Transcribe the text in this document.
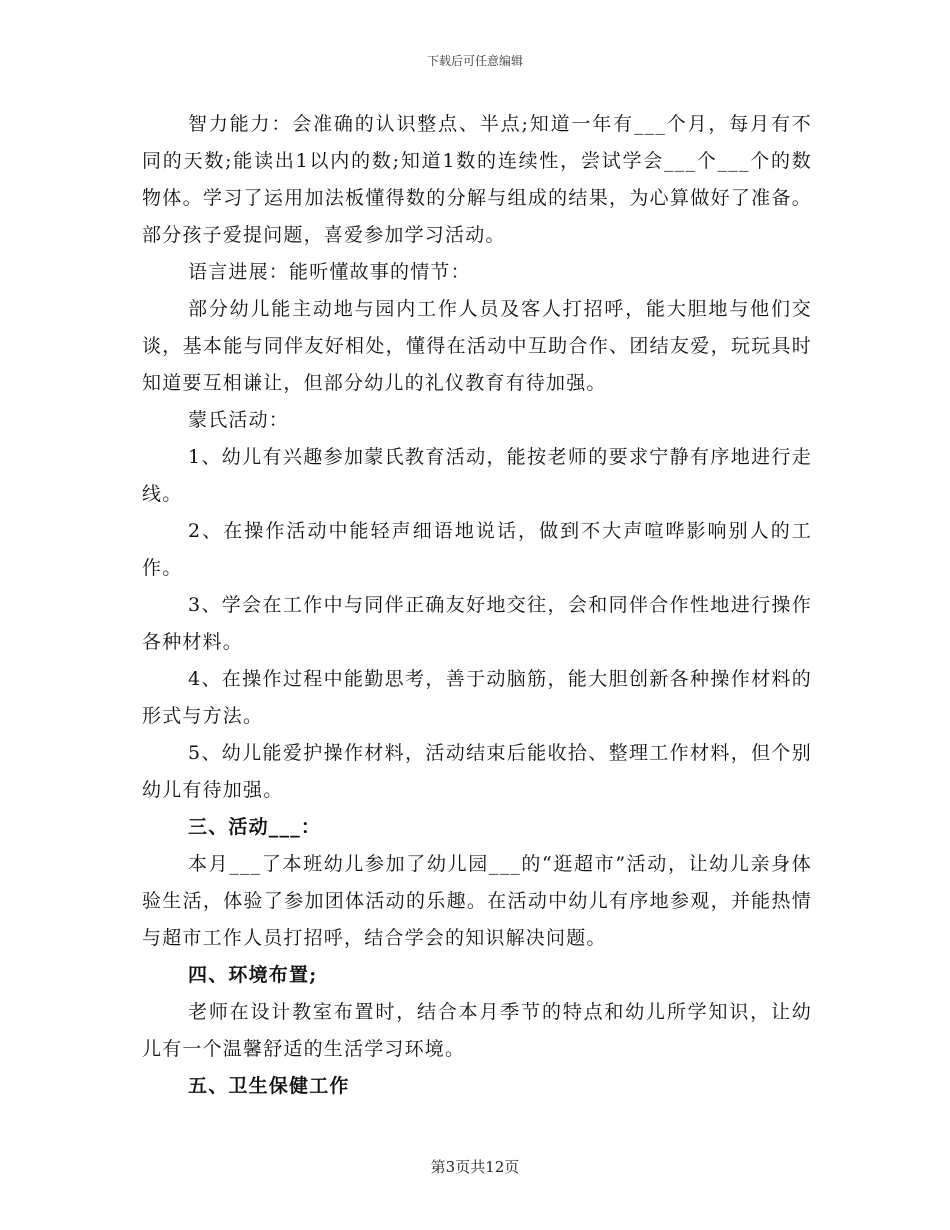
下载后可任意编辑

智力能力：会准确的认识整点、半点;知道一年有___个月，每月有不同的天数;能读出1以内的数;知道1数的连续性，尝试学会___个___个的数物体。学习了运用加法板懂得数的分解与组成的结果，为心算做好了准备。部分孩子爱提问题，喜爱参加学习活动。

语言进展：能听懂故事的情节：

部分幼儿能主动地与园内工作人员及客人打招呼，能大胆地与他们交谈，基本能与同伴友好相处，懂得在活动中互助合作、团结友爱，玩玩具时知道要互相谦让，但部分幼儿的礼仪教育有待加强。

蒙氏活动：

1、幼儿有兴趣参加蒙氏教育活动，能按老师的要求宁静有序地进行走线。

2、在操作活动中能轻声细语地说话，做到不大声喧哗影响别人的工作。

3、学会在工作中与同伴正确友好地交往，会和同伴合作性地进行操作各种材料。

4、在操作过程中能勤思考，善于动脑筋，能大胆创新各种操作材料的形式与方法。

5、幼儿能爱护操作材料，活动结束后能收拾、整理工作材料，但个别幼儿有待加强。

三、活动___：

本月___了本班幼儿参加了幼儿园___的“逛超市”活动，让幼儿亲身体验生活，体验了参加团体活动的乐趣。在活动中幼儿有序地参观，并能热情与超市工作人员打招呼，结合学会的知识解决问题。

四、环境布置;

老师在设计教室布置时，结合本月季节的特点和幼儿所学知识，让幼儿有一个温馨舒适的生活学习环境。

五、卫生保健工作

第3页共12页
